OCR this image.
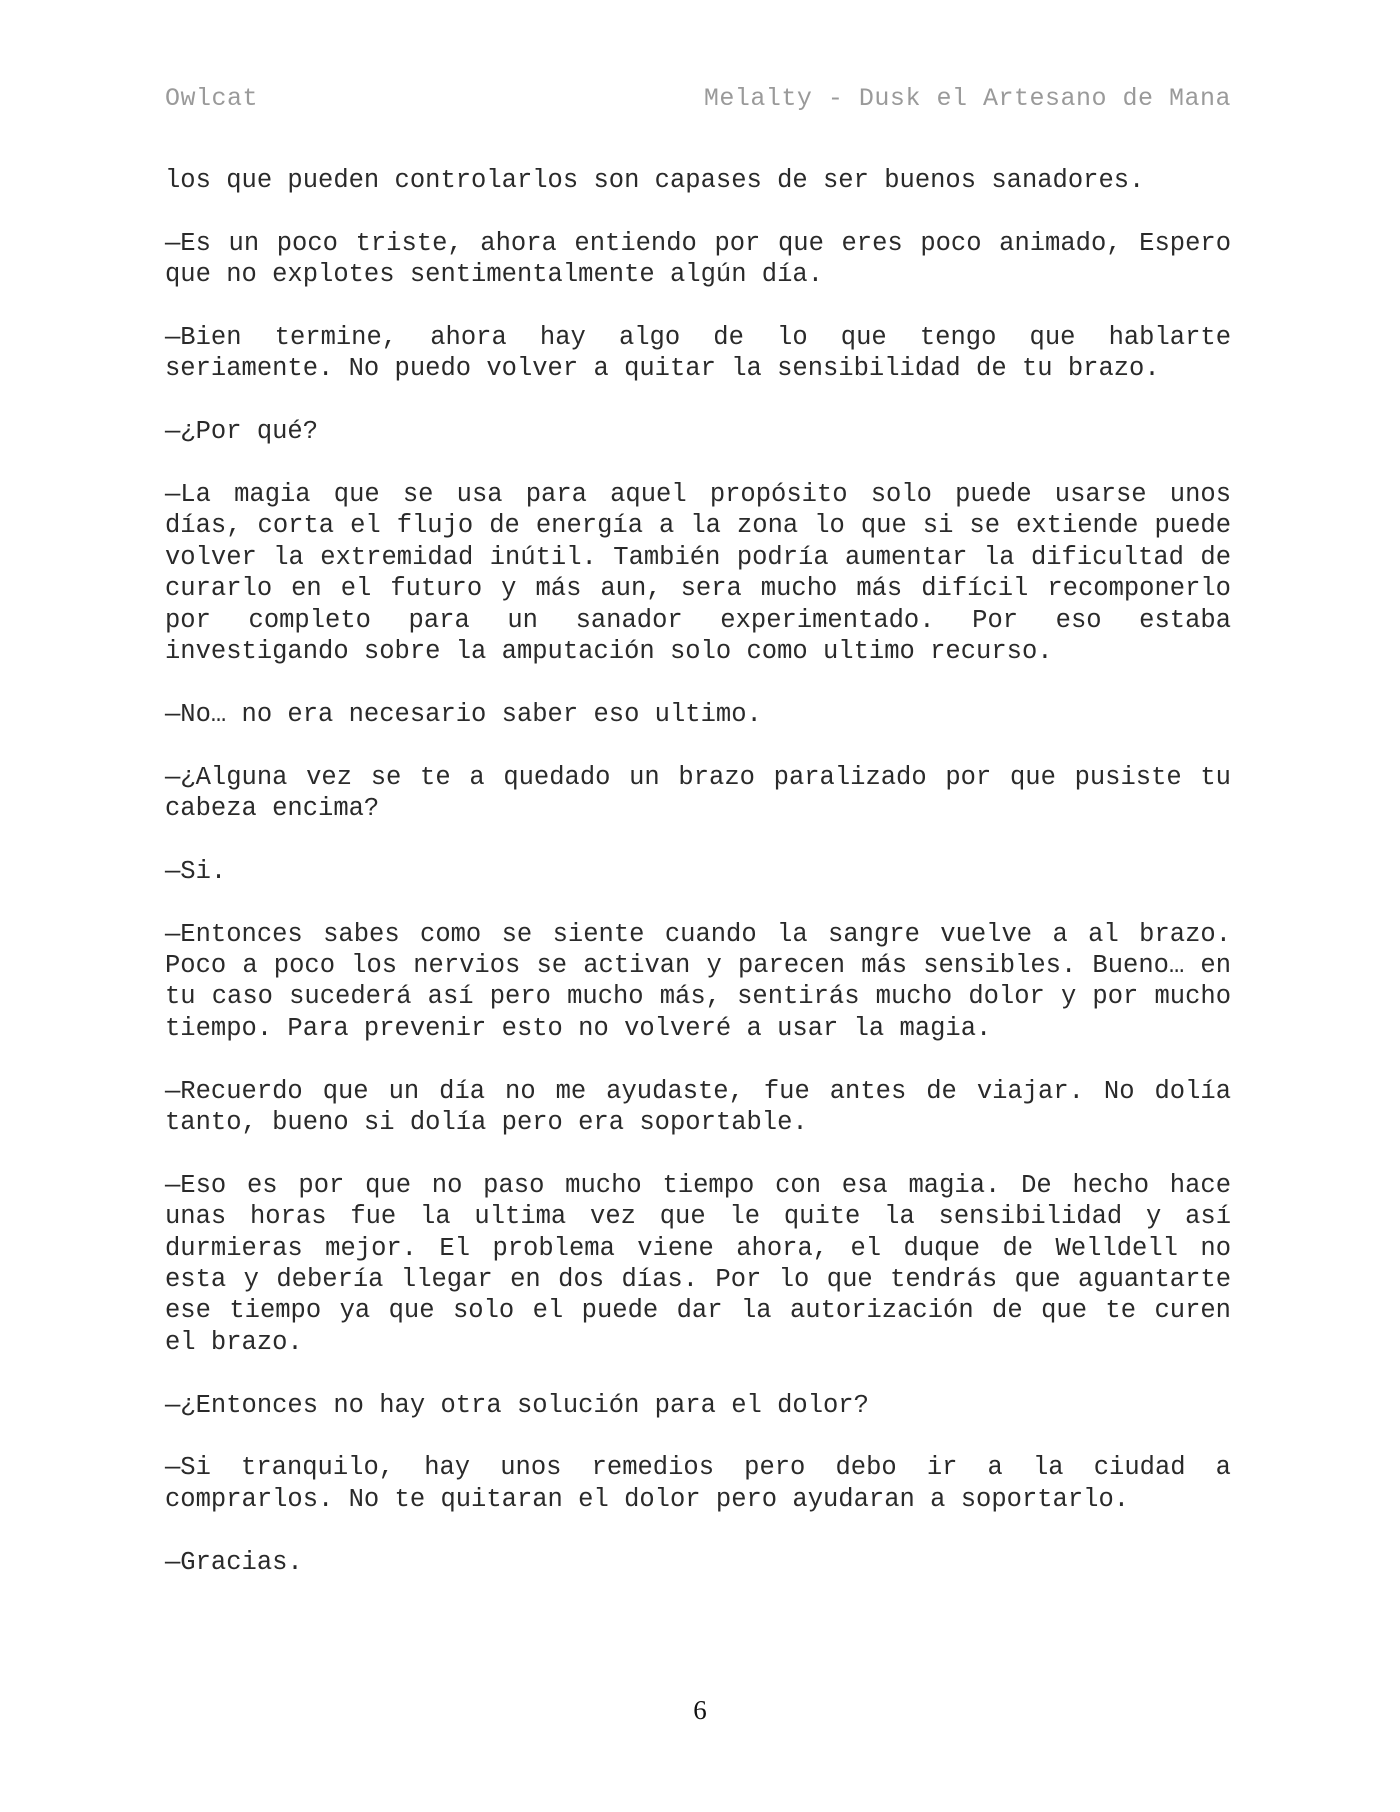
Owlcat	Melalty - Dusk el Artesano de Mana

los que pueden controlarlos son capases de ser buenos sanadores.

—Es un poco triste, ahora entiendo por que eres poco animado, Espero que no explotes sentimentalmente algún día.

—Bien termine, ahora hay algo de lo que tengo que hablarte seriamente. No puedo volver a quitar la sensibilidad de tu brazo.

—¿Por qué?

—La magia que se usa para aquel propósito solo puede usarse unos días, corta el flujo de energía a la zona lo que si se extiende puede volver la extremidad inútil. También podría aumentar la dificultad de curarlo en el futuro y más aun, sera mucho más difícil recomponerlo por completo para un sanador experimentado. Por eso estaba investigando sobre la amputación solo como ultimo recurso.

—No… no era necesario saber eso ultimo.

—¿Alguna vez se te a quedado un brazo paralizado por que pusiste tu cabeza encima?

—Si.

—Entonces sabes como se siente cuando la sangre vuelve a al brazo. Poco a poco los nervios se activan y parecen más sensibles. Bueno… en tu caso sucederá así pero mucho más, sentirás mucho dolor y por mucho tiempo. Para prevenir esto no volveré a usar la magia.

—Recuerdo que un día no me ayudaste, fue antes de viajar. No dolía tanto, bueno si dolía pero era soportable.

—Eso es por que no paso mucho tiempo con esa magia. De hecho hace unas horas fue la ultima vez que le quite la sensibilidad y así durmieras mejor. El problema viene ahora, el duque de Welldell no esta y debería llegar en dos días. Por lo que tendrás que aguantarte ese tiempo ya que solo el puede dar la autorización de que te curen el brazo.

—¿Entonces no hay otra solución para el dolor?

—Si tranquilo, hay unos remedios pero debo ir a la ciudad a comprarlos. No te quitaran el dolor pero ayudaran a soportarlo.

—Gracias.

6
